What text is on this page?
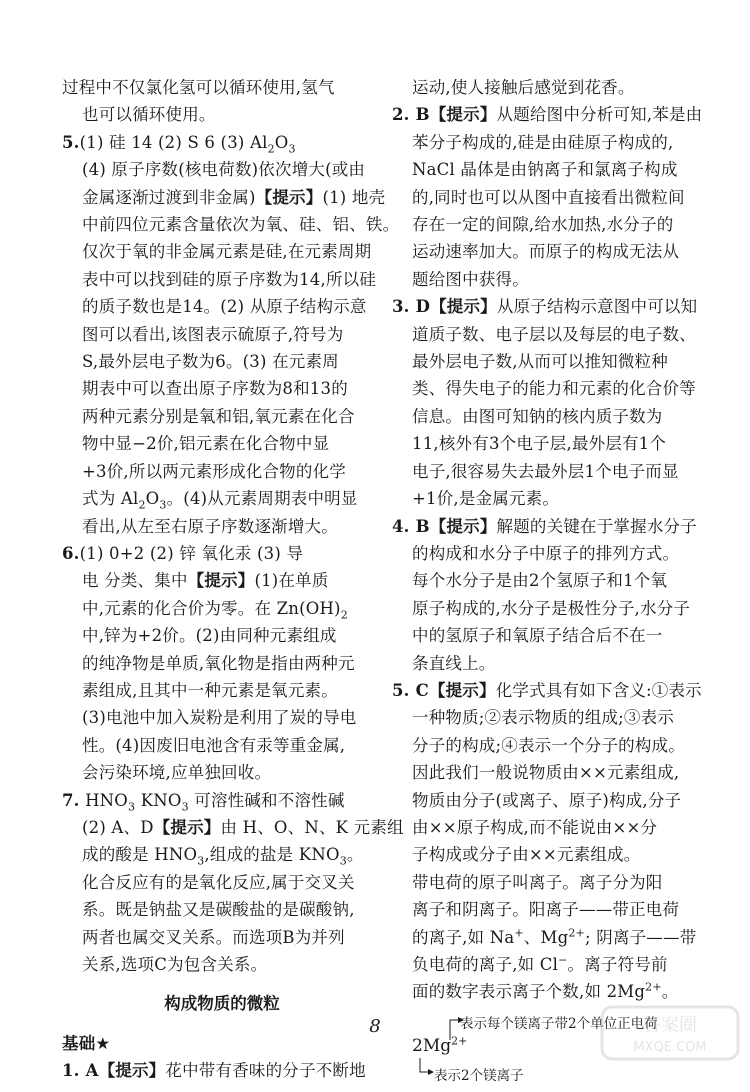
过程中不仅氯化氢可以循环使用,氢气
也可以循环使用。
5.(1) 硅 14 (2) S 6 (3) $Al_2O_3$
(4) 原子序数(核电荷数)依次增大(或由
金属逐渐过渡到非金属)【提示】(1) 地壳
中前四位元素含量依次为氧、硅、铝、铁。
仅次于氧的非金属元素是硅,在元素周期
表中可以找到硅的原子序数为14,所以硅
的质子数也是14。(2) 从原子结构示意
图可以看出,该图表示硫原子,符号为
S,最外层电子数为6。(3) 在元素周
期表中可以查出原子序数为8和13的
两种元素分别是氧和铝,氧元素在化合
物中显−2价,铝元素在化合物中显
+3价,所以两元素形成化合物的化学
式为 $Al_2O_3$。(4)从元素周期表中明显
看出,从左至右原子序数逐渐增大。
6.(1) 0+2 (2) 锌 氧化汞 (3) 导
电 分类、集中【提示】(1)在单质
中,元素的化合价为零。在 $Zn(OH)_2$
中,锌为+2价。(2)由同种元素组成
的纯净物是单质,氧化物是指由两种元
素组成,且其中一种元素是氧元素。
(3)电池中加入炭粉是利用了炭的导电
性。(4)因废旧电池含有汞等重金属,
会污染环境,应单独回收。
7. $HNO_3$ $KNO_3$ 可溶性碱和不溶性碱
(2) A、D【提示】由 H、O、N、K 元素组
成的酸是 $HNO_3$,组成的盐是 $KNO_3$。
化合反应有的是氧化反应,属于交叉关
系。既是钠盐又是碳酸盐的是碳酸钠,
两者也属交叉关系。而选项B为并列
关系,选项C为包含关系。
构成物质的微粒
基础★
1. A【提示】花中带有香味的分子不断地
运动,使人接触后感觉到花香。
2. B【提示】从题给图中分析可知,苯是由
苯分子构成的,硅是由硅原子构成的,
NaCl 晶体是由钠离子和氯离子构成
的,同时也可以从图中直接看出微粒间
存在一定的间隙,给水加热,水分子的
运动速率加大。而原子的构成无法从
题给图中获得。
3. D【提示】从原子结构示意图中可以知
道质子数、电子层以及每层的电子数、
最外层电子数,从而可以推知微粒种
类、得失电子的能力和元素的化合价等
信息。由图可知钠的核内质子数为
11,核外有3个电子层,最外层有1个
电子,很容易失去最外层1个电子而显
+1价,是金属元素。
4. B【提示】解题的关键在于掌握水分子
的构成和水分子中原子的排列方式。
每个水分子是由2个氢原子和1个氧
原子构成的,水分子是极性分子,水分子
中的氢原子和氧原子结合后不在一
条直线上。
5. C【提示】化学式具有如下含义:①表示
一种物质;②表示物质的组成;③表示
分子的构成;④表示一个分子的构成。
因此我们一般说物质由××元素组成,
物质由分子(或离子、原子)构成,分子
由××原子构成,而不能说由××分
子构成或分子由××元素组成。
带电荷的原子叫离子。离子分为阳
离子和阴离子。阳离子——带正电荷
的离子,如 Na+、$Mg^{2+}$; 阴离子——带
负电荷的离子,如 Cl−。离子符号前
面的数字表示离子个数,如 $2Mg^{2+}$。
$2Mg^{2+}$
表示每个镁离子带2个单位正电荷
表示2个镁离子
8	答案圈
MXQE.COM
